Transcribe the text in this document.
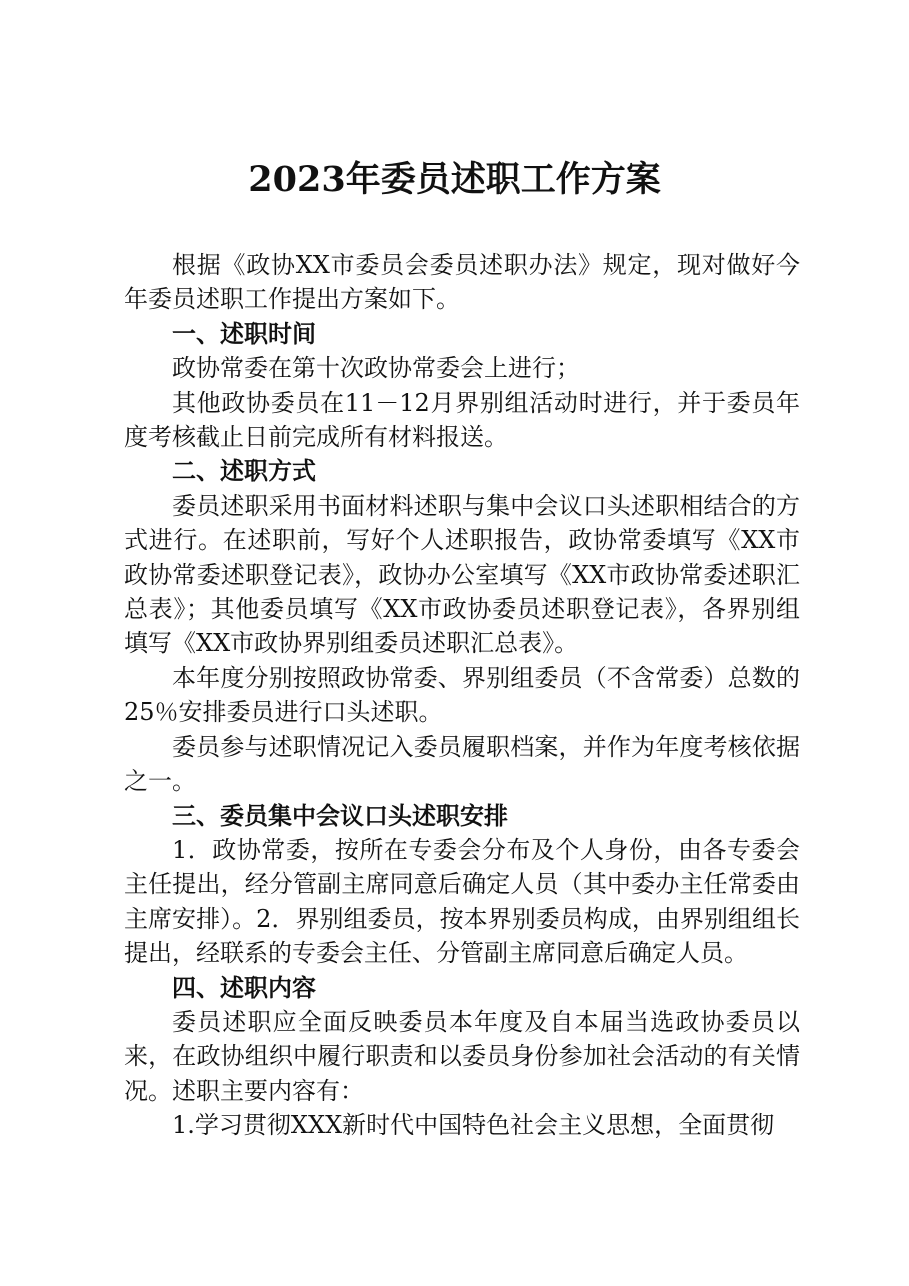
2023年委员述职工作方案

根据《政协XX市委员会委员述职办法》规定，现对做好今年委员述职工作提出方案如下。

一、述职时间

政协常委在第十次政协常委会上进行；

其他政协委员在11－12月界别组活动时进行，并于委员年度考核截止日前完成所有材料报送。

二、述职方式

委员述职采用书面材料述职与集中会议口头述职相结合的方式进行。在述职前，写好个人述职报告，政协常委填写《XX市政协常委述职登记表》，政协办公室填写《XX市政协常委述职汇总表》；其他委员填写《XX市政协委员述职登记表》，各界别组填写《XX市政协界别组委员述职汇总表》。

本年度分别按照政协常委、界别组委员（不含常委）总数的25％安排委员进行口头述职。

委员参与述职情况记入委员履职档案，并作为年度考核依据之一。

三、委员集中会议口头述职安排

1．政协常委，按所在专委会分布及个人身份，由各专委会主任提出，经分管副主席同意后确定人员（其中委办主任常委由主席安排）。2．界别组委员，按本界别委员构成，由界别组组长提出，经联系的专委会主任、分管副主席同意后确定人员。

四、述职内容

委员述职应全面反映委员本年度及自本届当选政协委员以来，在政协组织中履行职责和以委员身份参加社会活动的有关情况。述职主要内容有：

1.学习贯彻XXX新时代中国特色社会主义思想，全面贯彻
